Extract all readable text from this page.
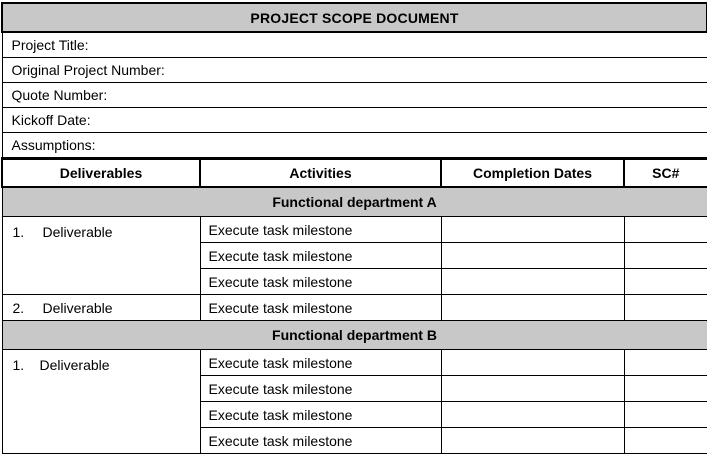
PROJECT SCOPE DOCUMENT			
Project Title:			
Original Project Number:			
Quote Number:			
Kickoff Date:			
Assumptions:			
Deliverables	Activities	Completion Dates	SC#
Functional department A			
1. Deliverable	Execute task milestone		
	Execute task milestone		
	Execute task milestone		
2. Deliverable	Execute task milestone		
Functional department B			
1. Deliverable	Execute task milestone		
	Execute task milestone		
	Execute task milestone		
	Execute task milestone		
